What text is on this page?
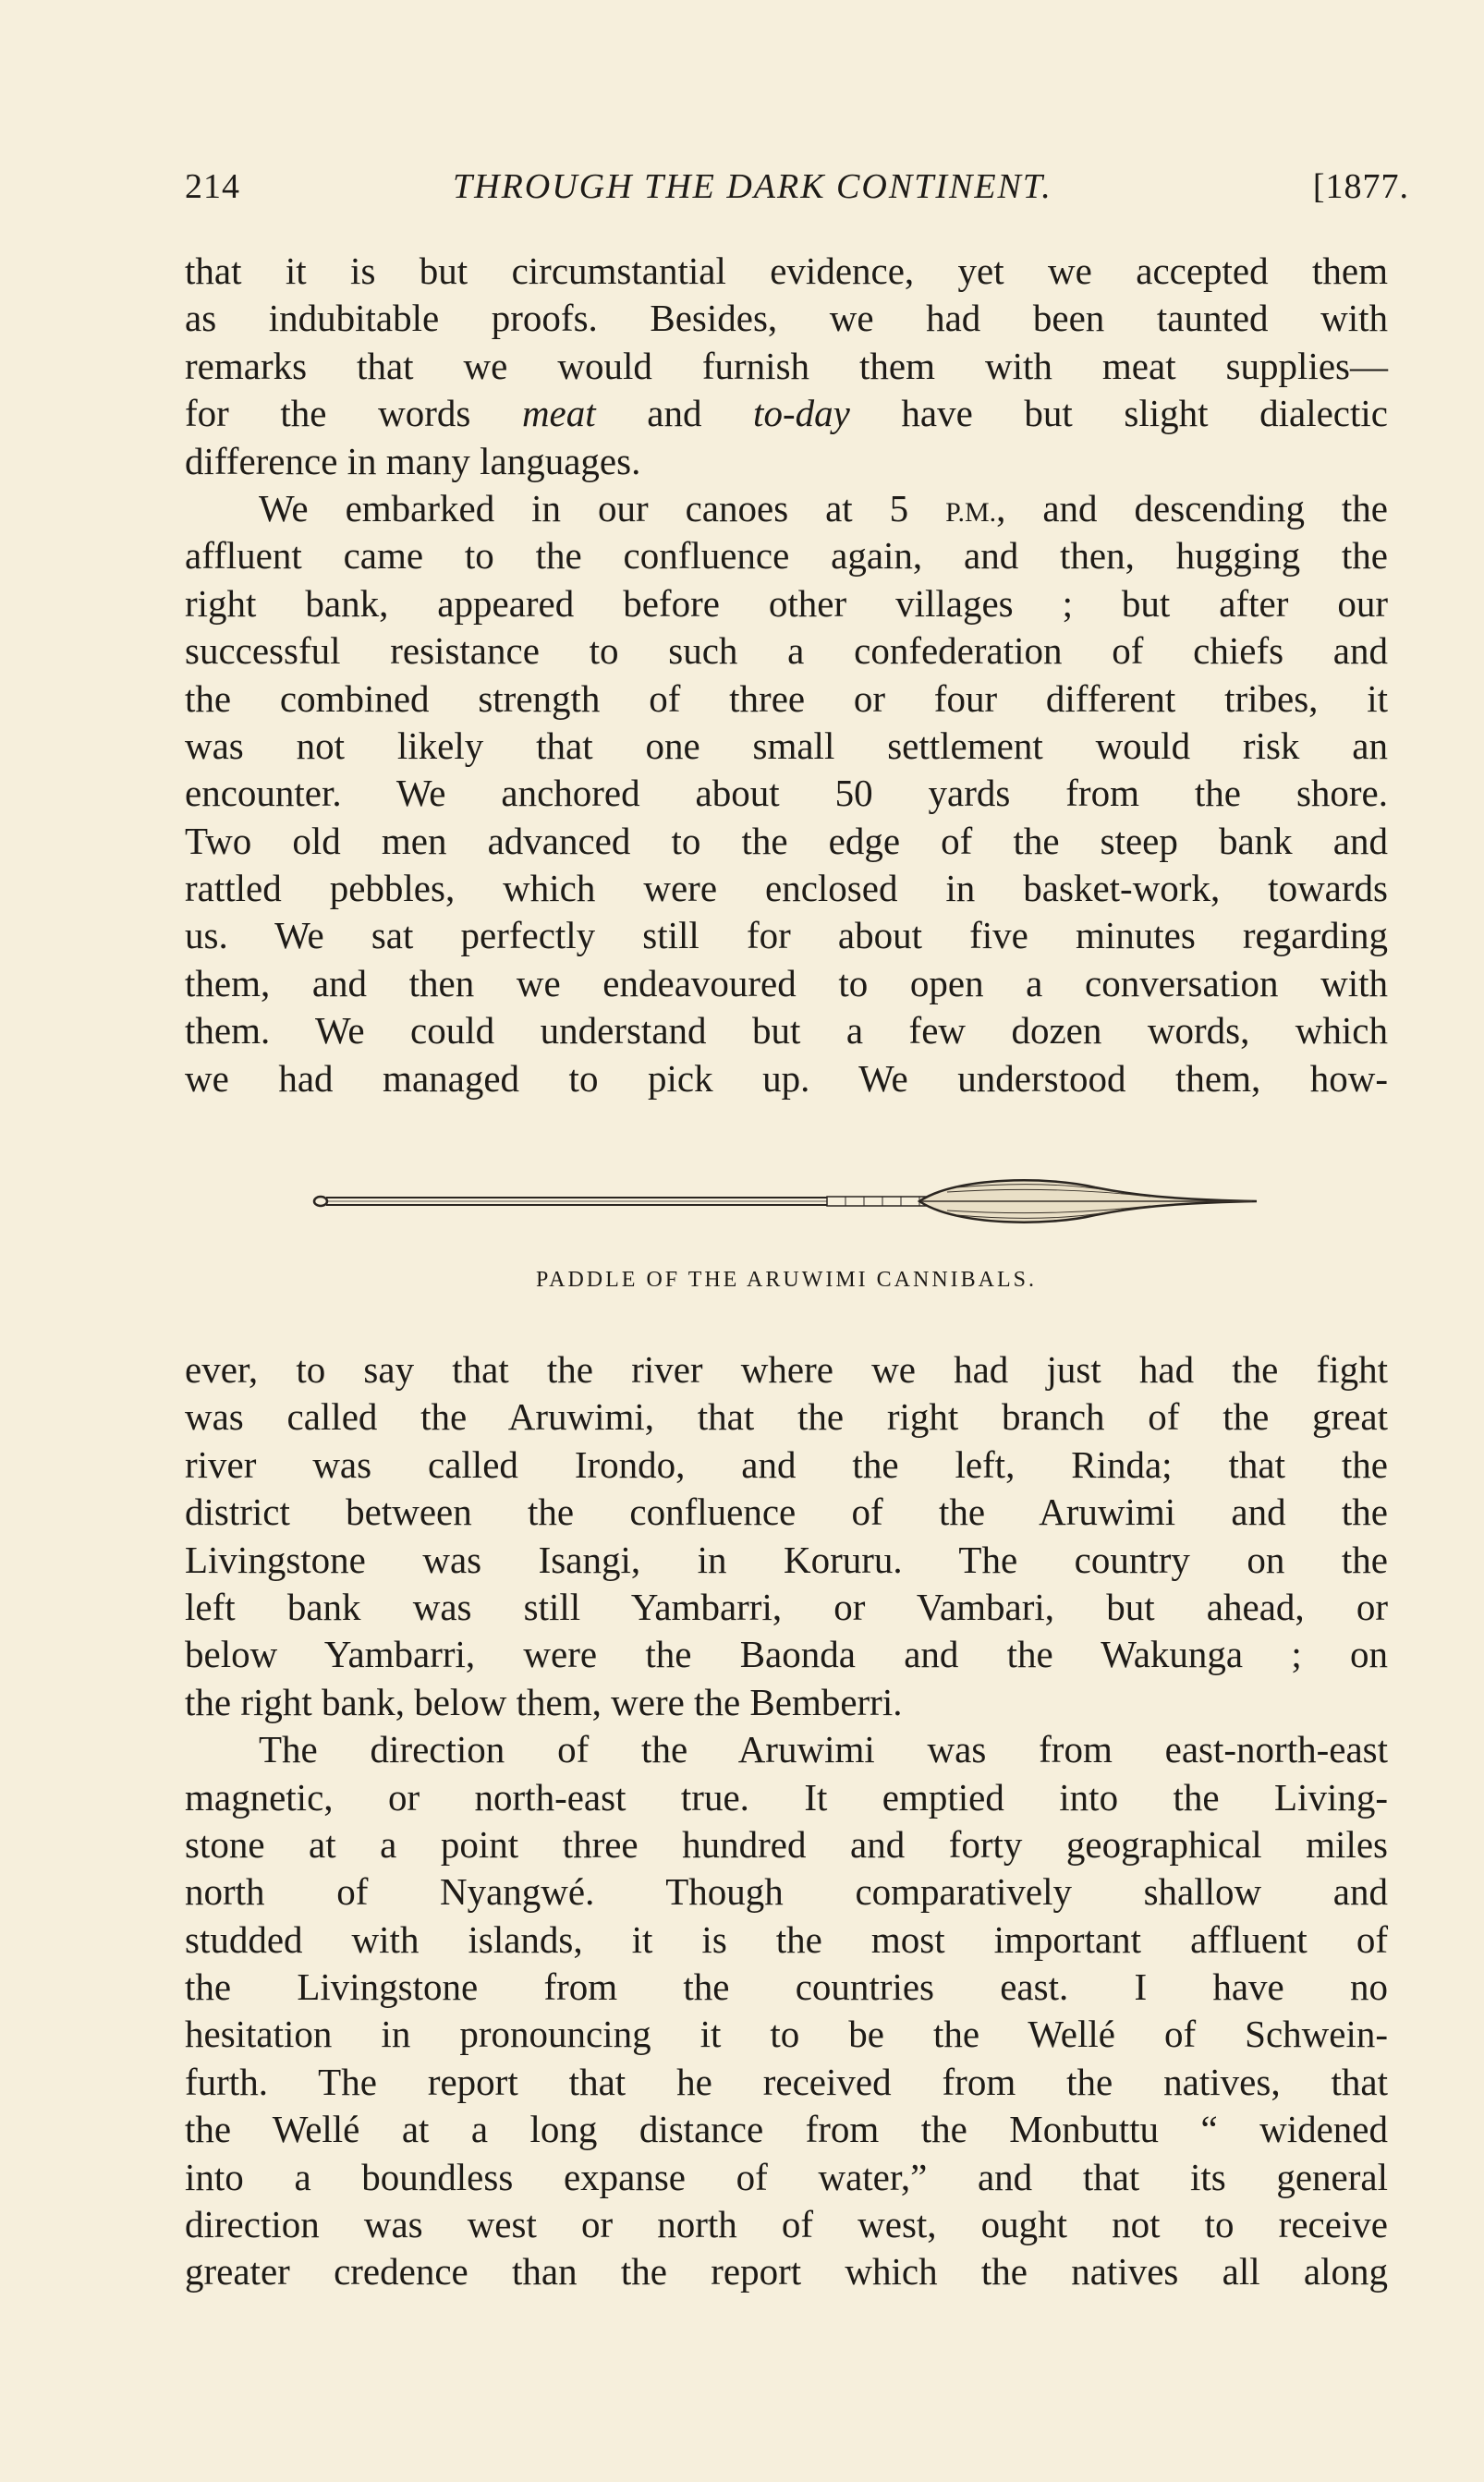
214	THROUGH THE DARK CONTINENT.	[1877.
that it is but circumstantial evidence, yet we accepted them
as indubitable proofs. Besides, we had been taunted with
remarks that we would furnish them with meat supplies—
for the words meat and to-day have but slight dialectic
difference in many languages.
We embarked in our canoes at 5 P.M., and descending the
affluent came to the confluence again, and then, hugging the
right bank, appeared before other villages ; but after our
successful resistance to such a confederation of chiefs and
the combined strength of three or four different tribes, it
was not likely that one small settlement would risk an
encounter. We anchored about 50 yards from the shore.
Two old men advanced to the edge of the steep bank and
rattled pebbles, which were enclosed in basket-work, towards
us. We sat perfectly still for about five minutes regarding
them, and then we endeavoured to open a conversation with
them. We could understand but a few dozen words, which
we had managed to pick up. We understood them, how-
PADDLE OF THE ARUWIMI CANNIBALS.
ever, to say that the river where we had just had the fight
was called the Aruwimi, that the right branch of the great
river was called Irondo, and the left, Rinda; that the
district between the confluence of the Aruwimi and the
Livingstone was Isangi, in Koruru. The country on the
left bank was still Yambarri, or Vambari, but ahead, or
below Yambarri, were the Baonda and the Wakunga ; on
the right bank, below them, were the Bemberri.
The direction of the Aruwimi was from east-north-east
magnetic, or north-east true. It emptied into the Living-
stone at a point three hundred and forty geographical miles
north of Nyangwé. Though comparatively shallow and
studded with islands, it is the most important affluent of
the Livingstone from the countries east. I have no
hesitation in pronouncing it to be the Wellé of Schwein-
furth. The report that he received from the natives, that
the Wellé at a long distance from the Monbuttu “ widened
into a boundless expanse of water,” and that its general
direction was west or north of west, ought not to receive
greater credence than the report which the natives all along
